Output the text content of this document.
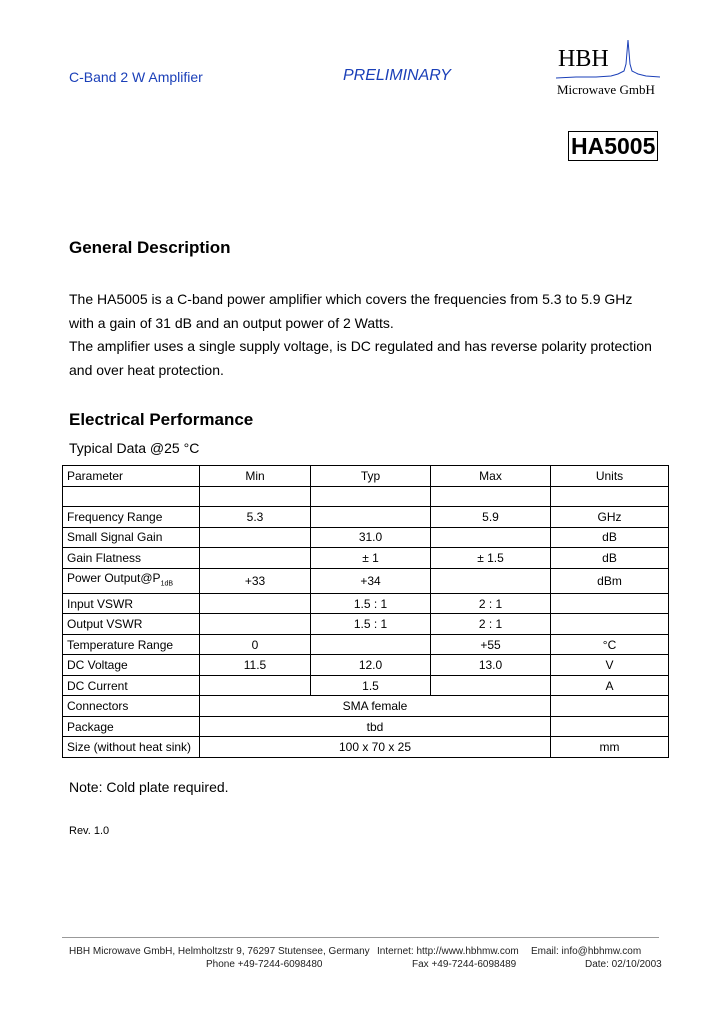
C-Band 2 W Amplifier	PRELIMINARY
HBH
Microwave GmbH
HA5005
General Description
The HA5005 is a C-band power amplifier which covers the frequencies from 5.3 to 5.9 GHz with a gain of 31 dB and an output power of 2 Watts.
The amplifier uses a single supply voltage, is DC regulated and has reverse polarity protection and over heat protection.
Electrical Performance
Typical Data @25 °C
Parameter	Min	Typ	Max	Units

Frequency Range	5.3		5.9	GHz
Small Signal Gain		31.0		dB
Gain Flatness		± 1	± 1.5	dB
Power $Output@P_{1dB}$	+33	+34		dBm
Input VSWR		1.5 : 1	2 : 1	
Output VSWR		1.5 : 1	2 : 1	
Temperature Range	0		+55	°C
DC Voltage	11.5	12.0	13.0	V
DC Current		1.5		A
Connectors	SMA female			
Package	tbd			
Size (without heat sink)	100 x 70 x 25			mm
Note: Cold plate required.
Rev. 1.0
HBH Microwave GmbH, Helmholtzstr 9, 76297 Stutensee, Germany Internet: http://www.hbhmw.com Email: info@hbhmw.com
Phone +49-7244-6098480	Fax +49-7244-6098489	Date: 02/10/2003
